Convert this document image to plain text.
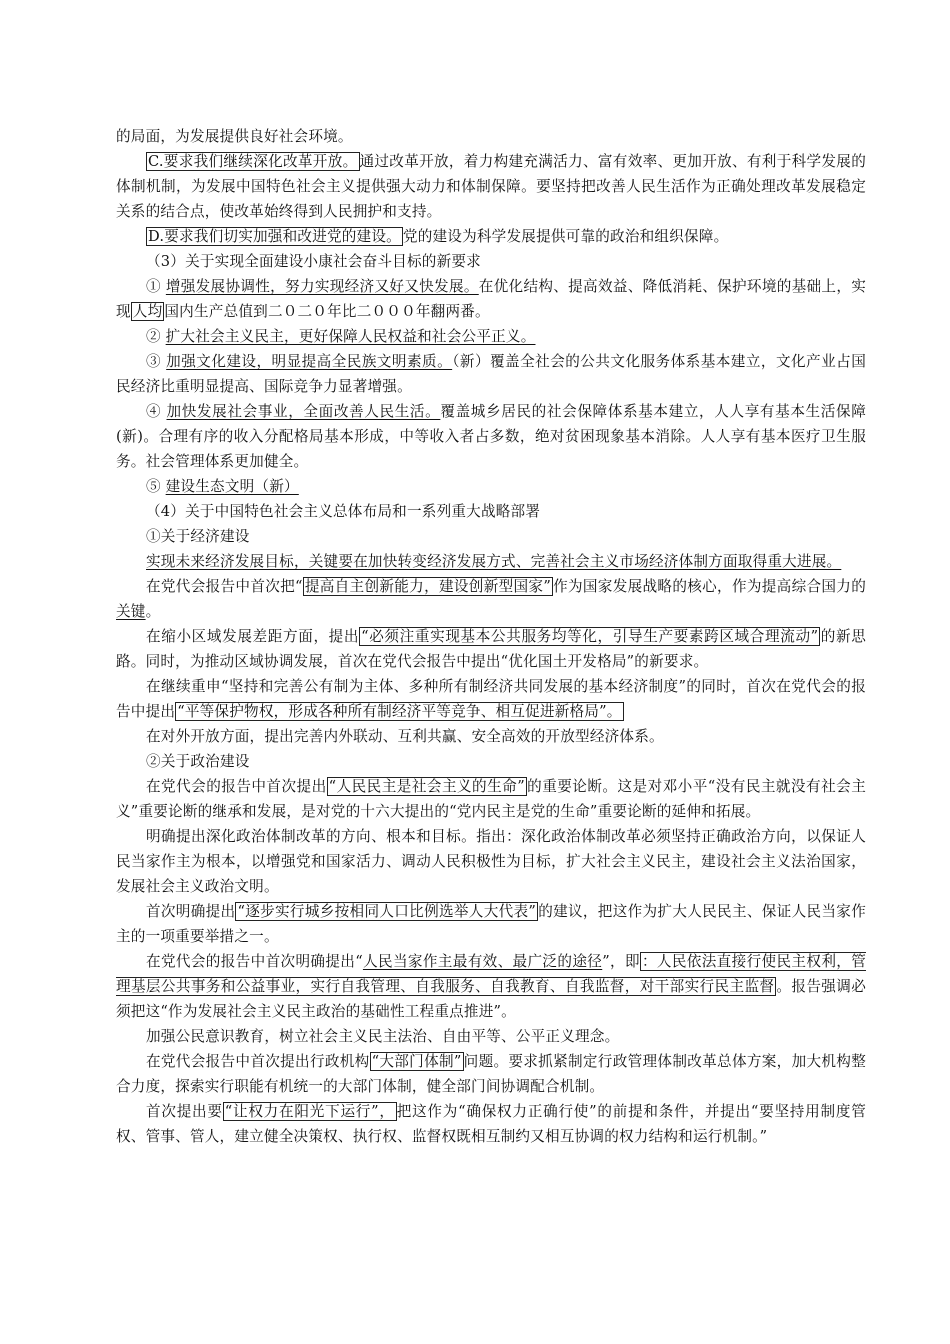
的局面，为发展提供良好社会环境。

C.要求我们继续深化改革开放。 通过改革开放，着力构建充满活力、富有效率、更加开放、有利于科学发展的体制机制，为发展中国特色社会主义提供强大动力和体制保障。要坚持把改善人民生活作为正确处理改革发展稳定关系的结合点，使改革始终得到人民拥护和支持。

D.要求我们切实加强和改进党的建设。 党的建设为科学发展提供可靠的政治和组织保障。

（3）关于实现全面建设小康社会奋斗目标的新要求

① 增强发展协调性，努力实现经济又好又快发展。在优化结构、提高效益、降低消耗、保护环境的基础上，实现 人均 国内生产总值到二０二０年比二０００年翻两番。

② 扩大社会主义民主，更好保障人民权益和社会公平正义。

③ 加强文化建设，明显提高全民族文明素质。（新）覆盖全社会的公共文化服务体系基本建立，文化产业占国民经济比重明显提高、国际竞争力显著增强。

④ 加快发展社会事业，全面改善人民生活。覆盖城乡居民的社会保障体系基本建立，人人享有基本生活保障(新)。合理有序的收入分配格局基本形成，中等收入者占多数，绝对贫困现象基本消除。人人享有基本医疗卫生服务。社会管理体系更加健全。

⑤ 建设生态文明（新）

（4）关于中国特色社会主义总体布局和一系列重大战略部署

①关于经济建设

实现未来经济发展目标，关键要在加快转变经济发展方式、完善社会主义市场经济体制方面取得重大进展。

在党代会报告中首次把“ 提高自主创新能力，建设创新型国家” 作为国家发展战略的核心，作为提高综合国力的关键。

在缩小区域发展差距方面，提出 “必须注重实现基本公共服务均等化，引导生产要素跨区域合理流动” 的新思路。同时，为推动区域协调发展，首次在党代会报告中提出“优化国土开发格局”的新要求。

在继续重申“坚持和完善公有制为主体、多种所有制经济共同发展的基本经济制度”的同时，首次在党代会的报告中提出 “平等保护物权，形成各种所有制经济平等竞争、相互促进新格局”。

在对外开放方面，提出完善内外联动、互利共赢、安全高效的开放型经济体系。

②关于政治建设

在党代会的报告中首次提出 “人民民主是社会主义的生命” 的重要论断。这是对邓小平“没有民主就没有社会主义”重要论断的继承和发展，是对党的十六大提出的“党内民主是党的生命”重要论断的延伸和拓展。

明确提出深化政治体制改革的方向、根本和目标。指出：深化政治体制改革必须坚持正确政治方向，以保证人民当家作主为根本，以增强党和国家活力、调动人民积极性为目标，扩大社会主义民主，建设社会主义法治国家，发展社会主义政治文明。

首次明确提出 “逐步实行城乡按相同人口比例选举人大代表” 的建议，把这作为扩大人民民主、保证人民当家作主的一项重要举措之一。

在党代会的报告中首次明确提出“人民当家作主最有效、最广泛的途径”，即 ：人民依法直接行使民主权利，管理基层公共事务和公益事业，实行自我管理、自我服务、自我教育、自我监督，对干部实行民主监督 。报告强调必须把这“作为发展社会主义民主政治的基础性工程重点推进”。

加强公民意识教育，树立社会主义民主法治、自由平等、公平正义理念。

在党代会报告中首次提出行政机构 “大部门体制” 问题。要求抓紧制定行政管理体制改革总体方案，加大机构整合力度，探索实行职能有机统一的大部门体制，健全部门间协调配合机制。

首次提出要 “让权力在阳光下运行”， 把这作为“确保权力正确行使”的前提和条件，并提出“要坚持用制度管权、管事、管人，建立健全决策权、执行权、监督权既相互制约又相互协调的权力结构和运行机制。”
